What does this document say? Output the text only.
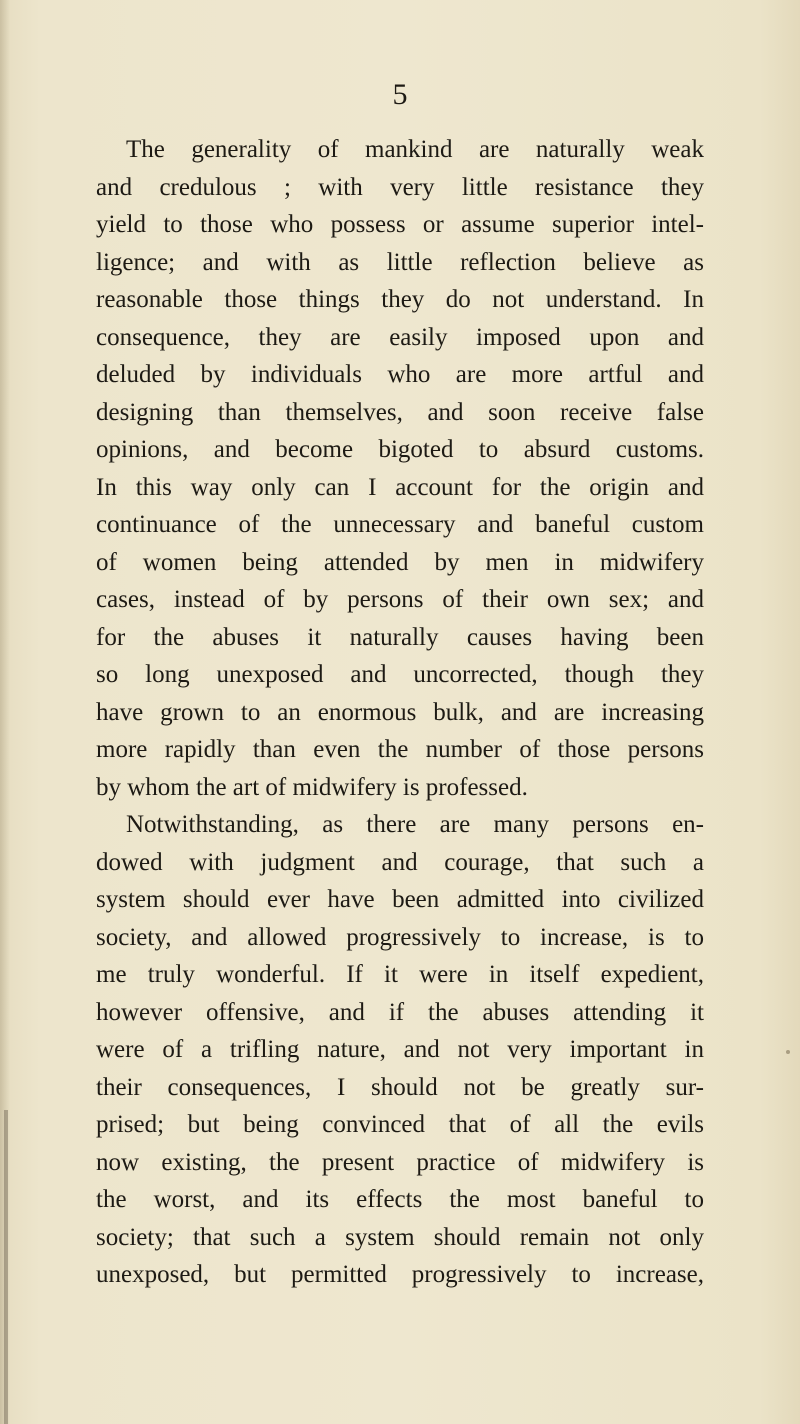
5
The generality of mankind are naturally weak
and credulous ; with very little resistance they
yield to those who possess or assume superior intel-
ligence; and with as little reflection believe as
reasonable those things they do not understand. In
consequence, they are easily imposed upon and
deluded by individuals who are more artful and
designing than themselves, and soon receive false
opinions, and become bigoted to absurd customs.
In this way only can I account for the origin and
continuance of the unnecessary and baneful custom
of women being attended by men in midwifery
cases, instead of by persons of their own sex; and
for the abuses it naturally causes having been
so long unexposed and uncorrected, though they
have grown to an enormous bulk, and are increasing
more rapidly than even the number of those persons
by whom the art of midwifery is professed.
Notwithstanding, as there are many persons en-
dowed with judgment and courage, that such a
system should ever have been admitted into civilized
society, and allowed progressively to increase, is to
me truly wonderful. If it were in itself expedient,
however offensive, and if the abuses attending it
were of a trifling nature, and not very important in
their consequences, I should not be greatly sur-
prised; but being convinced that of all the evils
now existing, the present practice of midwifery is
the worst, and its effects the most baneful to
society; that such a system should remain not only
unexposed, but permitted progressively to increase,
